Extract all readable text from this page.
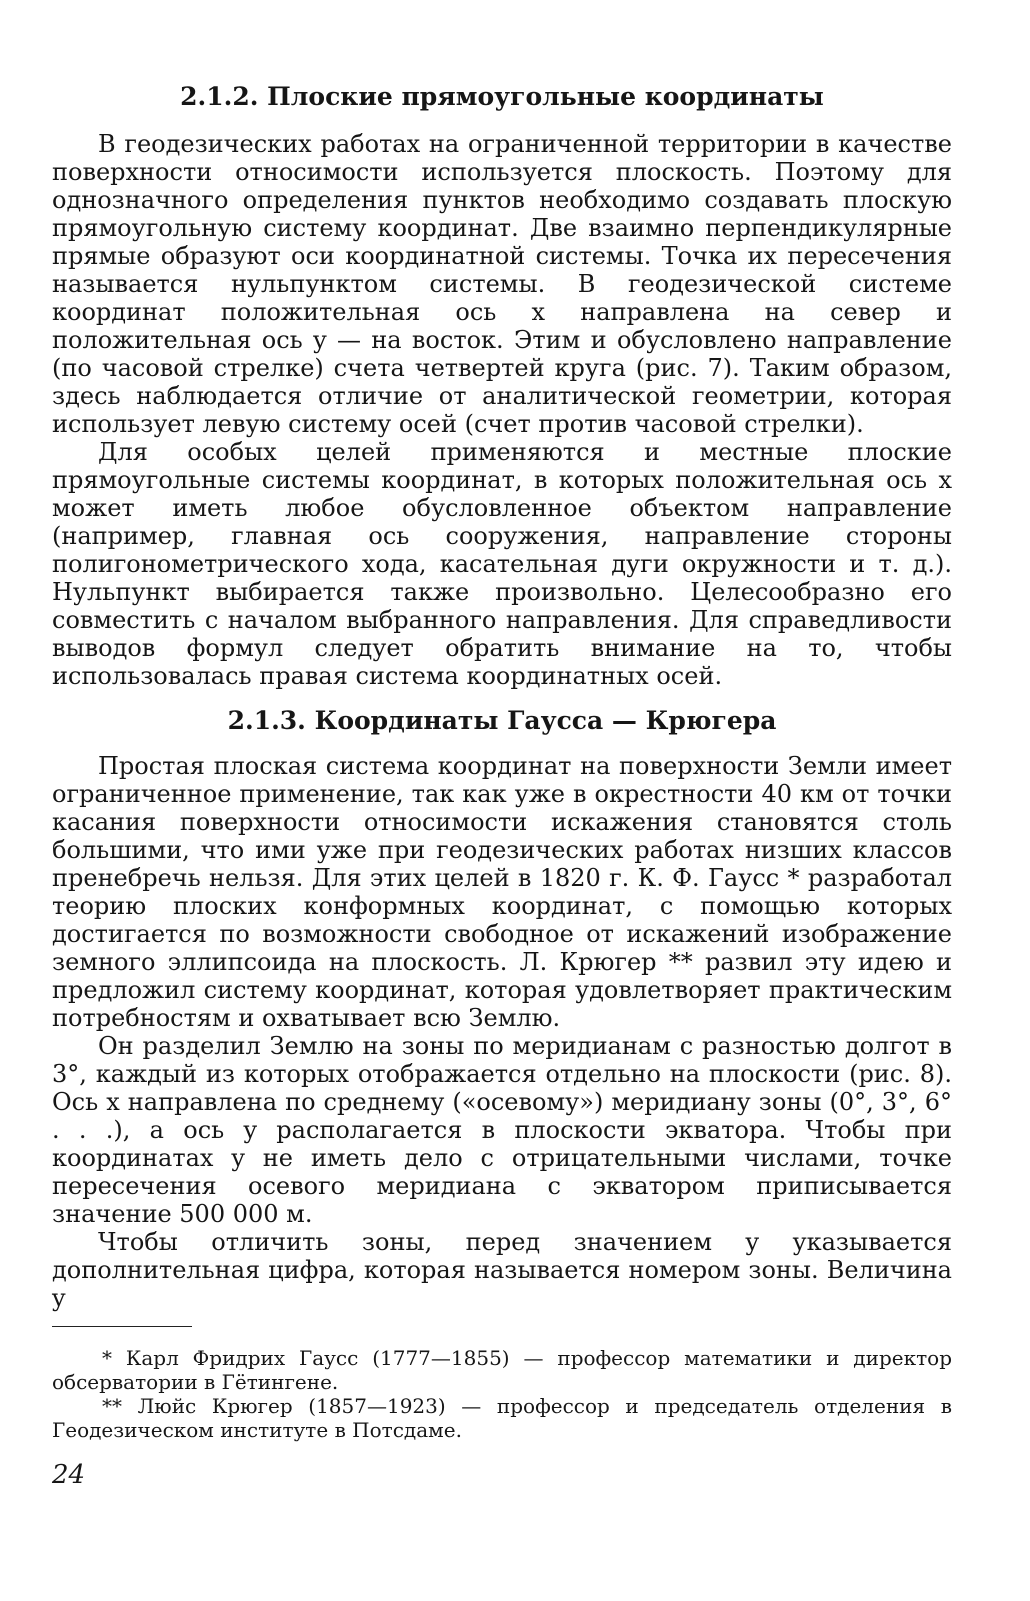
2.1.2. Плоские прямоугольные координаты

В геодезических работах на ограниченной территории в качестве поверхности относимости используется плоскость. Поэтому для однозначного определения пунктов необходимо создавать плоскую прямоугольную систему координат. Две взаимно перпендикулярные прямые образуют оси координатной системы. Точка их пересечения называется нульпунктом системы. В геодезической системе координат положительная ось x направлена на север и положительная ось y — на восток. Этим и обусловлено направление (по часовой стрелке) счета четвертей круга (рис. 7). Таким образом, здесь наблюдается отличие от аналитической геометрии, которая использует левую систему осей (счет против часовой стрелки).

Для особых целей применяются и местные плоские прямоугольные системы координат, в которых положительная ось x может иметь любое обусловленное объектом направление (например, главная ось сооружения, направление стороны полигонометрического хода, касательная дуги окружности и т. д.). Нульпункт выбирается также произвольно. Целесообразно его совместить с началом выбранного направления. Для справедливости выводов формул следует обратить внимание на то, чтобы использовалась правая система координатных осей.

2.1.3. Координаты Гаусса — Крюгера

Простая плоская система координат на поверхности Земли имеет ограниченное применение, так как уже в окрестности 40 км от точки касания поверхности относимости искажения становятся столь большими, что ими уже при геодезических работах низших классов пренебречь нельзя. Для этих целей в 1820 г. К. Ф. Гаусс * разработал теорию плоских конформных координат, с помощью которых достигается по возможности свободное от искажений изображение земного эллипсоида на плоскость. Л. Крюгер ** развил эту идею и предложил систему координат, которая удовлетворяет практическим потребностям и охватывает всю Землю.

Он разделил Землю на зоны по меридианам с разностью долгот в 3°, каждый из которых отображается отдельно на плоскости (рис. 8). Ось x направлена по среднему («осевому») меридиану зоны (0°, 3°, 6° . . .), а ось y располагается в плоскости экватора. Чтобы при координатах y не иметь дело с отрицательными числами, точке пересечения осевого меридиана с экватором приписывается значение 500 000 м.

Чтобы отличить зоны, перед значением y указывается дополнительная цифра, которая называется номером зоны. Величина y

* Карл Фридрих Гаусс (1777—1855) — профессор математики и директор обсерватории в Гётингене.

** Люйс Крюгер (1857—1923) — профессор и председатель отделения в Геодезическом институте в Потсдаме.

24
